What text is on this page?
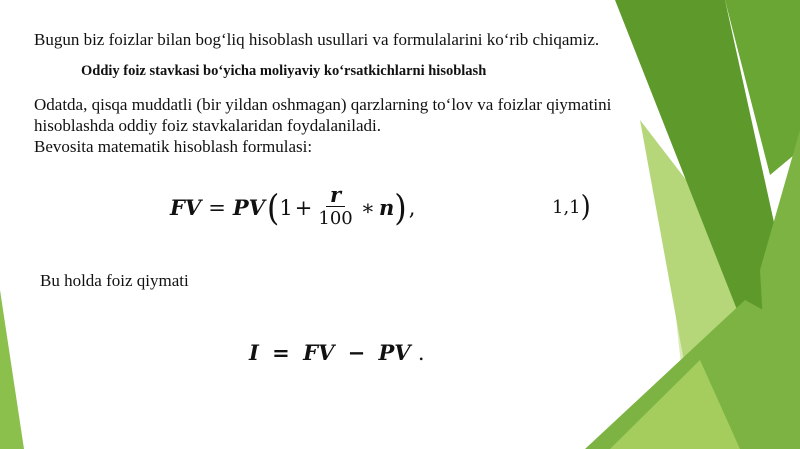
Bugun biz foizlar bilan bog‘liq hisoblash usullari va formulalarini ko‘rib chiqamiz.
Oddiy foiz stavkasi bo‘yicha moliyaviy ko‘rsatkichlarni hisoblash
Odatda, qisqa muddatli (bir yildan oshmagan) qarzlarning to‘lov va foizlar qiymatini
hisoblashda oddiy foiz stavkalaridan foydalaniladi.
Bevosita matematik hisoblash formulasi:
FV = PV ( $1 + \frac{r}{100}$ ∗ n ) ,	1,1 )
Bu holda foiz qiymati
I = FV − PV .
